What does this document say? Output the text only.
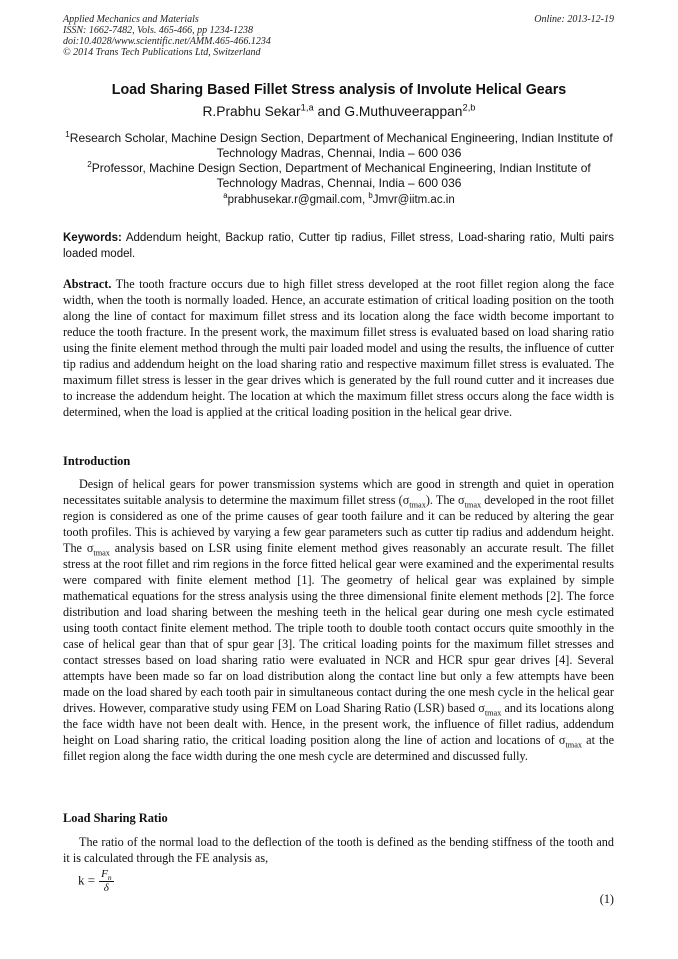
Applied Mechanics and Materials
ISSN: 1662-7482, Vols. 465-466, pp 1234-1238
doi:10.4028/www.scientific.net/AMM.465-466.1234
© 2014 Trans Tech Publications Ltd, Switzerland
Online: 2013-12-19
Load Sharing Based Fillet Stress analysis of Involute Helical Gears
R.Prabhu Sekar$^{1,a}$ and G.Muthuveerappan$^{2,b}$
$^1$Research Scholar, Machine Design Section, Department of Mechanical Engineering, Indian Institute of Technology Madras, Chennai, India – 600 036
$^2$Professor, Machine Design Section, Department of Mechanical Engineering, Indian Institute of Technology Madras, Chennai, India – 600 036
$^a$prabhusekar.r@gmail.com, $^b$Jmvr@iitm.ac.in
Keywords: Addendum height, Backup ratio, Cutter tip radius, Fillet stress, Load-sharing ratio, Multi pairs loaded model.
Abstract. The tooth fracture occurs due to high fillet stress developed at the root fillet region along the face width, when the tooth is normally loaded. Hence, an accurate estimation of critical loading position on the tooth along the line of contact for maximum fillet stress and its location along the face width become important to reduce the tooth fracture. In the present work, the maximum fillet stress is evaluated based on load sharing ratio using the finite element method through the multi pair loaded model and using the results, the influence of cutter tip radius and addendum height on the load sharing ratio and respective maximum fillet stress is evaluated. The maximum fillet stress is lesser in the gear drives which is generated by the full round cutter and it increases due to increase the addendum height. The location at which the maximum fillet stress occurs along the face width is determined, when the load is applied at the critical loading position in the helical gear drive.
Introduction
Design of helical gears for power transmission systems which are good in strength and quiet in operation necessitates suitable analysis to determine the maximum fillet stress $(\sigma_{tmax})$. The $\sigma_{tmax}$ developed in the root fillet region is considered as one of the prime causes of gear tooth failure and it can be reduced by altering the gear tooth profiles. This is achieved by varying a few gear parameters such as cutter tip radius and addendum height. The $\sigma_{tmax}$ analysis based on LSR using finite element method gives reasonably an accurate result. The fillet stress at the root fillet and rim regions in the force fitted helical gear were examined and the experimental results were compared with finite element method [1]. The geometry of helical gear was explained by simple mathematical equations for the stress analysis using the three dimensional finite element methods [2]. The force distribution and load sharing between the meshing teeth in the helical gear during one mesh cycle estimated using tooth contact finite element method. The triple tooth to double tooth contact occurs quite smoothly in the case of helical gear than that of spur gear [3]. The critical loading points for the maximum fillet stresses and contact stresses based on load sharing ratio were evaluated in NCR and HCR spur gear drives [4]. Several attempts have been made so far on load distribution along the contact line but only a few attempts have been made on the load shared by each tooth pair in simultaneous contact during the one mesh cycle in the helical gear drives. However, comparative study using FEM on Load Sharing Ratio (LSR) based $\sigma_{tmax}$ and its locations along the face width have not been dealt with. Hence, in the present work, the influence of fillet radius, addendum height on Load sharing ratio, the critical loading position along the line of action and locations of $\sigma_{tmax}$ at the fillet region along the face width during the one mesh cycle are determined and discussed fully.
Load Sharing Ratio
The ratio of the normal load to the deflection of the tooth is defined as the bending stiffness of the tooth and it is calculated through the FE analysis as,
$k = \frac{F_n}{\delta}$
(1)
